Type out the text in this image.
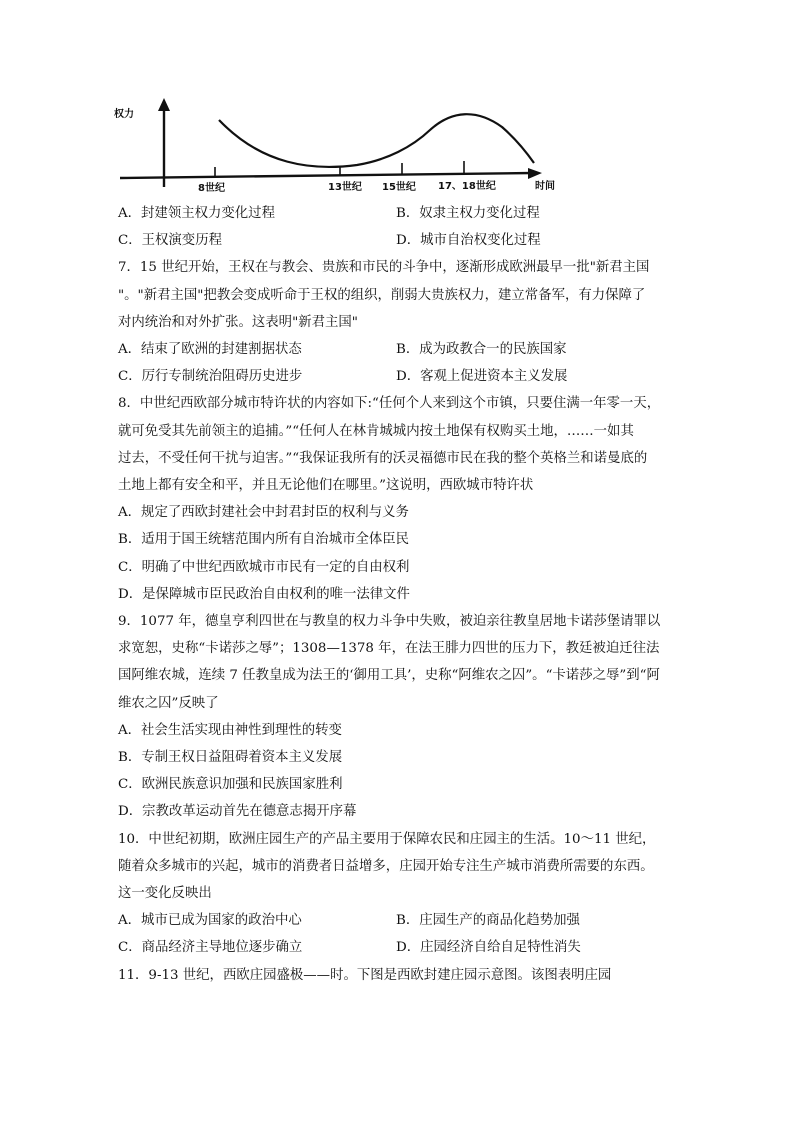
权力
时间
8世纪	13世纪 15世纪 17、18世纪
A．封建领主权力变化过程	B．奴隶主权力变化过程
C．王权演变历程	D．城市自治权变化过程
7．15 世纪开始，王权在与教会、贵族和市民的斗争中，逐渐形成欧洲最早一批"新君主国
"。"新君主国"把教会变成听命于王权的组织，削弱大贵族权力，建立常备军，有力保障了
对内统治和对外扩张。这表明"新君主国"
A．结束了欧洲的封建割据状态	B．成为政教合一的民族国家
C．厉行专制统治阻碍历史进步	D．客观上促进资本主义发展
8．中世纪西欧部分城市特许状的内容如下:“任何个人来到这个市镇，只要住满一年零一天，
就可免受其先前领主的追捕。”“任何人在林肯城城内按土地保有权购买土地，……一如其
过去，不受任何干扰与迫害。”“我保证我所有的沃灵福德市民在我的整个英格兰和诺曼底的
土地上都有安全和平，并且无论他们在哪里。”这说明，西欧城市特许状
A．规定了西欧封建社会中封君封臣的权利与义务
B．适用于国王统辖范围内所有自治城市全体臣民
C．明确了中世纪西欧城市市民有一定的自由权利
D．是保障城市臣民政治自由权利的唯一法律文件
9．1077 年，德皇亨利四世在与教皇的权力斗争中失败，被迫亲往教皇居地卡诺莎堡请罪以
求宽恕，史称“卡诺莎之辱”；1308—1378 年，在法王腓力四世的压力下，教廷被迫迁往法
国阿维农城，连续 7 任教皇成为法王的‘御用工具’，史称“阿维农之囚”。“卡诺莎之辱”到“阿
维农之囚”反映了
A．社会生活实现由神性到理性的转变
B．专制王权日益阻碍着资本主义发展
C．欧洲民族意识加强和民族国家胜利
D．宗教改革运动首先在德意志揭开序幕
10．中世纪初期，欧洲庄园生产的产品主要用于保障农民和庄园主的生活。10～11 世纪，
随着众多城市的兴起，城市的消费者日益增多，庄园开始专注生产城市消费所需要的东西。
这一变化反映出
A．城市已成为国家的政治中心	B．庄园生产的商品化趋势加强
C．商品经济主导地位逐步确立	D．庄园经济自给自足特性消失
11．9-13 世纪，西欧庄园盛极——时。下图是西欧封建庄园示意图。该图表明庄园
